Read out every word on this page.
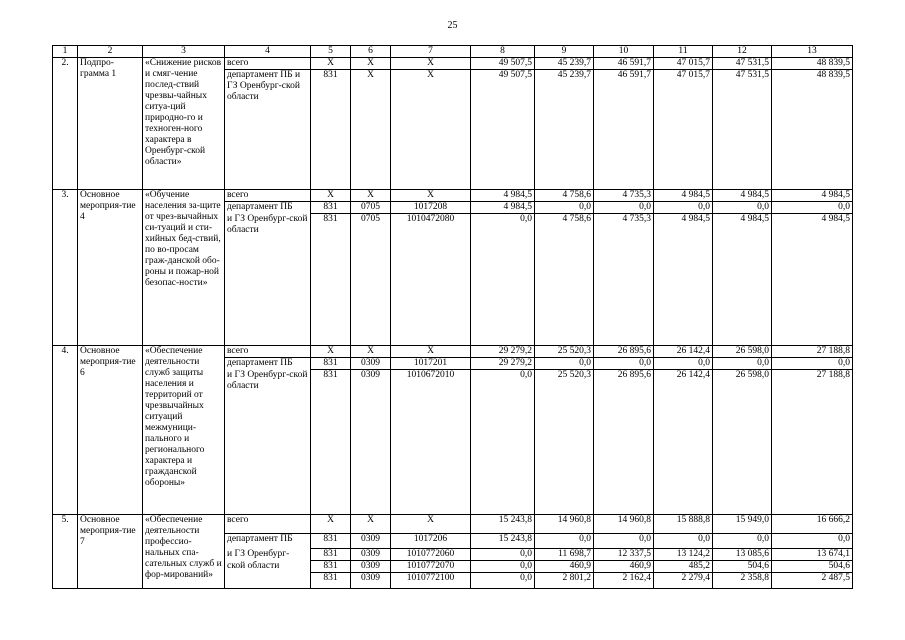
25
1	2	3	4	5	6	7	8	9	10	11	12	13
2.	Подпро- грамма 1	«Снижение рисков и смяг-чение послед-ствий чрезвы-чайных ситуа-ций природно-го и техноген-ного характера в Оренбург-ской области»	всего	Х	Х	Х	49 507,5	45 239,7	46 591,7	47 015,7	47 531,5	48 839,5
			департамент ПБ и ГЗ Оренбург-ской области	831	Х	Х	49 507,5	45 239,7	46 591,7	47 015,7	47 531,5	48 839,5
3.	Основное мероприя-тие 4	«Обучение населения за-щите от чрез-вычайных си-туаций и сти-хийных бед-ствий, по во-просам граж-данской обо-роны и пожар-ной безопас-ности»	всего	Х	Х	Х	4 984,5	4 758,6	4 735,3	4 984,5	4 984,5	4 984,5
			департамент ПБ	831	0705	1017208	4 984,5	0,0	0,0	0,0	0,0	0,0
			и ГЗ Оренбург-ской области	831	0705	1010472080	0,0	4 758,6	4 735,3	4 984,5	4 984,5	4 984,5
4.	Основное мероприя-тие 6	«Обеспечение деятельности служб защиты населения и территорий от чрезвычайных ситуаций межмуници-пального и регионального характера и гражданской обороны»	всего	Х	Х	Х	29 279,2	25 520,3	26 895,6	26 142,4	26 598,0	27 188,8
			департамент ПБ	831	0309	1017201	29 279,2	0,0	0,0	0,0	0,0	0,0
			и ГЗ Оренбург-ской области	831	0309	1010672010	0,0	25 520,3	26 895,6	26 142,4	26 598,0	27 188,8
5.	Основное мероприя-тие 7	«Обеспечение деятельности професcио-нальных спа-сательных служб и фор-мирований»	всего	Х	Х	Х	15 243,8	14 960,8	14 960,8	15 888,8	15 949,0	16 666,2
			департамент ПБ	831	0309	1017206	15 243,8	0,0	0,0	0,0	0,0	0,0
			и ГЗ Оренбург-	831	0309	1010772060	0,0	11 698,7	12 337,5	13 124,2	13 085,6	13 674,1
			ской области	831	0309	1010772070	0,0	460,9	460,9	485,2	504,6	504,6
				831	0309	1010772100	0,0	2 801,2	2 162,4	2 279,4	2 358,8	2 487,5
